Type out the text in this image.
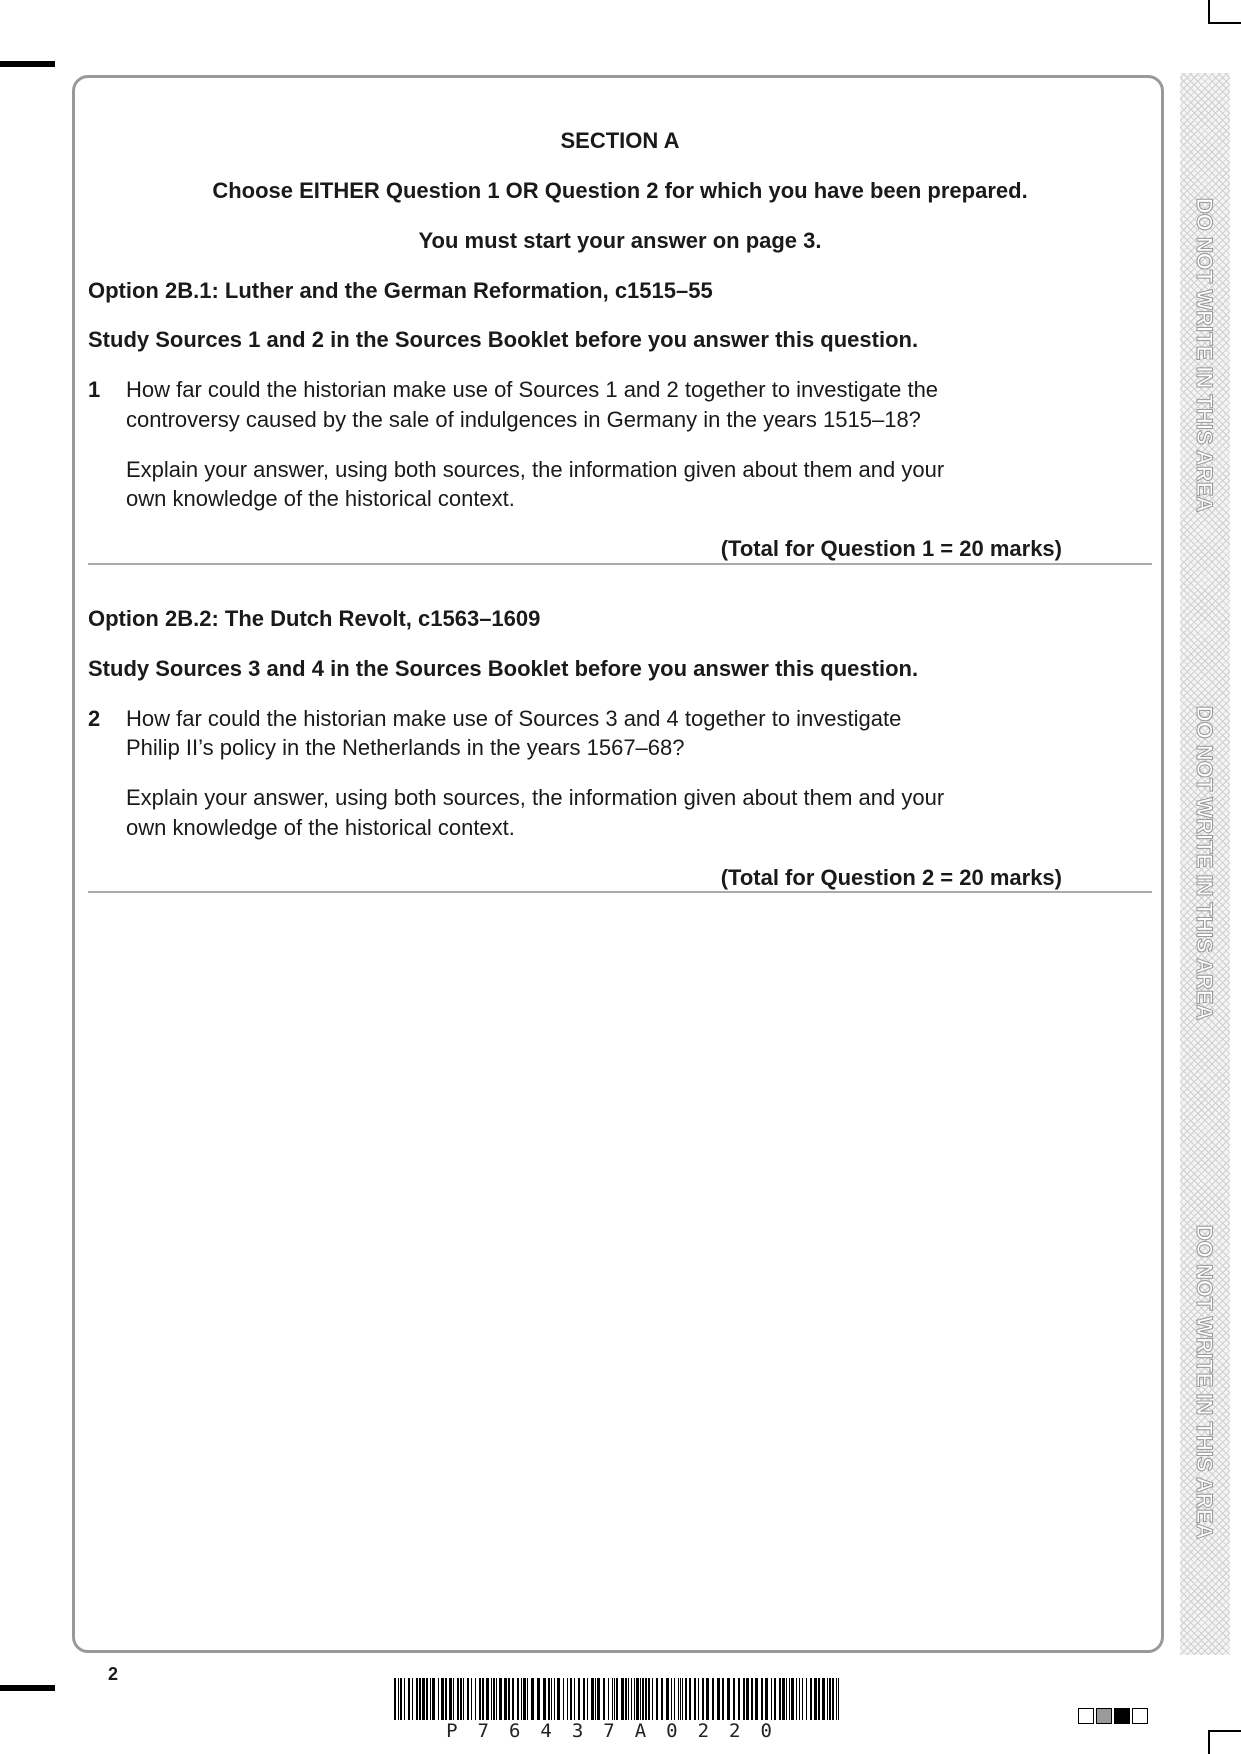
DO NOT WRITE IN THIS AREA
DO NOT WRITE IN THIS AREA
DO NOT WRITE IN THIS AREA

SECTION A

Choose EITHER Question 1 OR Question 2 for which you have been prepared.

You must start your answer on page 3.

Option 2B.1: Luther and the German Reformation, c1515–55

Study Sources 1 and 2 in the Sources Booklet before you answer this question.

1 How far could the historian make use of Sources 1 and 2 together to investigate the

controversy caused by the sale of indulgences in Germany in the years 1515–18?

Explain your answer, using both sources, the information given about them and your

own knowledge of the historical context.

(Total for Question 1 = 20 marks)

Option 2B.2: The Dutch Revolt, c1563–1609

Study Sources 3 and 4 in the Sources Booklet before you answer this question.

2 How far could the historian make use of Sources 3 and 4 together to investigate

Philip II’s policy in the Netherlands in the years 1567–68?

Explain your answer, using both sources, the information given about them and your

own knowledge of the historical context.

(Total for Question 2 = 20 marks)

2
P76437A0220
